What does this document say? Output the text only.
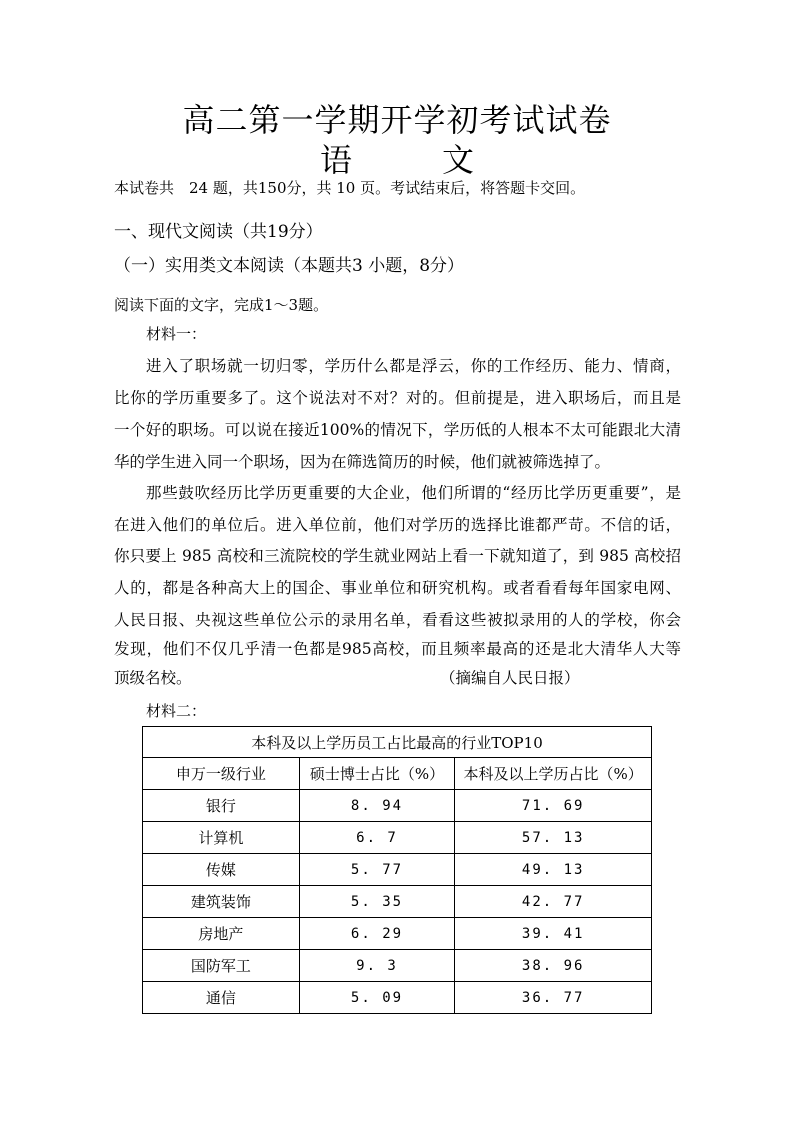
高二第一学期开学初考试试卷
语	文
本试卷共　24 题，共150分，共 10 页。考试结束后，将答题卡交回。
一、现代文阅读（共19分）
（一）实用类文本阅读（本题共3 小题，8分）
阅读下面的文字，完成1～3题。
材料一：
进入了职场就一切归零，学历什么都是浮云，你的工作经历、能力、情商，
比你的学历重要多了。这个说法对不对？对的。但前提是，进入职场后，而且是
一个好的职场。可以说在接近100%的情况下，学历低的人根本不太可能跟北大清
华的学生进入同一个职场，因为在筛选简历的时候，他们就被筛选掉了。
那些鼓吹经历比学历更重要的大企业，他们所谓的“经历比学历更重要”，是
在进入他们的单位后。进入单位前，他们对学历的选择比谁都严苛。不信的话，
你只要上 985 高校和三流院校的学生就业网站上看一下就知道了，到 985 高校招
人的，都是各种高大上的国企、事业单位和研究机构。或者看看每年国家电网、
人民日报、央视这些单位公示的录用名单，看看这些被拟录用的人的学校，你会
发现，他们不仅几乎清一色都是985高校，而且频率最高的还是北大清华人大等
顶级名校。	（摘编自人民日报）
材料二：
本科及以上学历员工占比最高的行业TOP10		
申万一级行业	硕士博士占比（%）	本科及以上学历占比（%）
银行	8. 94	71. 69
计算机	6. 7	57. 13
传媒	5. 77	49. 13
建筑装饰	5. 35	42. 77
房地产	6. 29	39. 41
国防军工	9. 3	38. 96
通信	5. 09	36. 77
